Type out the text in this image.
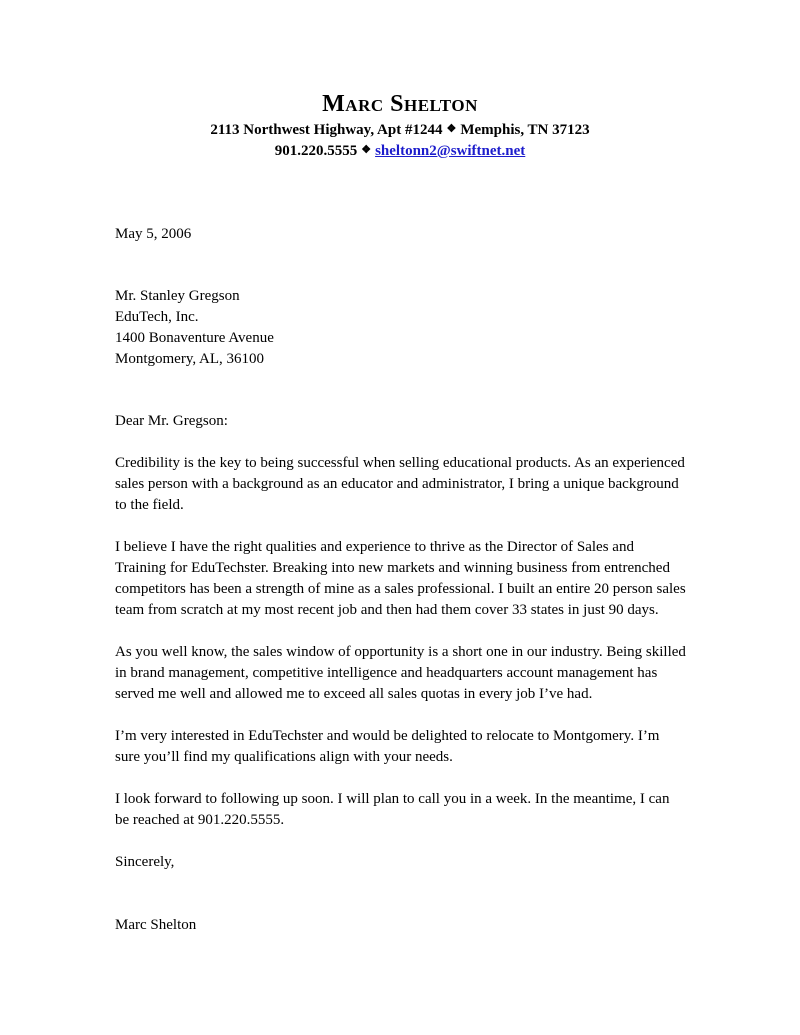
Marc Shelton

2113 Northwest Highway, Apt #1244 ❖ Memphis, TN 37123

901.220.5555 ❖ sheltonn2@swiftnet.net

May 5, 2006
Mr. Stanley Gregson
EduTech, Inc.
1400 Bonaventure Avenue
Montgomery, AL, 36100
Dear Mr. Gregson:
Credibility is the key to being successful when selling educational products. As an experienced sales person with a background as an educator and administrator, I bring a unique background to the field.
I believe I have the right qualities and experience to thrive as the Director of Sales and Training for EduTechster. Breaking into new markets and winning business from entrenched competitors has been a strength of mine as a sales professional. I built an entire 20 person sales team from scratch at my most recent job and then had them cover 33 states in just 90 days.
As you well know, the sales window of opportunity is a short one in our industry. Being skilled in brand management, competitive intelligence and headquarters account management has served me well and allowed me to exceed all sales quotas in every job I’ve had.
I’m very interested in EduTechster and would be delighted to relocate to Montgomery. I’m sure you’ll find my qualifications align with your needs.
I look forward to following up soon. I will plan to call you in a week. In the meantime, I can be reached at 901.220.5555.
Sincerely,
Marc Shelton
